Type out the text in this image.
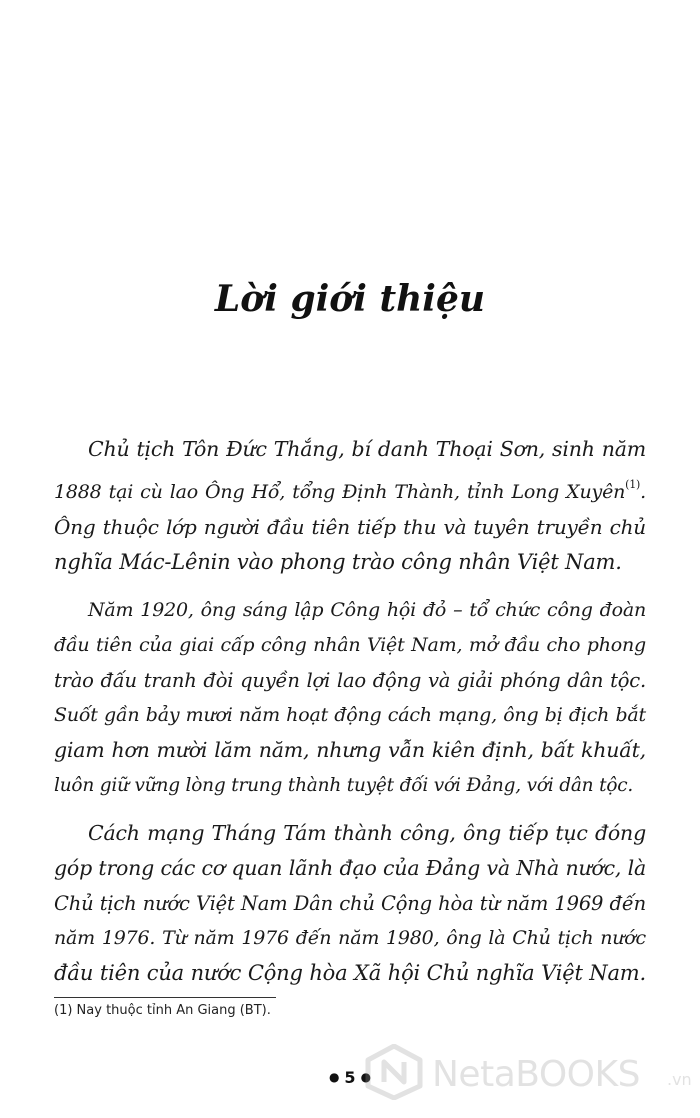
Lời giới thiệu
Chủ tịch Tôn Đức Thắng, bí danh Thoại Sơn, sinh năm
1888 tại cù lao Ông Hổ, tổng Định Thành, tỉnh Long Xuyên$^{(1)}$.
Ông thuộc lớp người đầu tiên tiếp thu và tuyên truyền chủ
nghĩa Mác-Lênin vào phong trào công nhân Việt Nam.
Năm 1920, ông sáng lập Công hội đỏ – tổ chức công đoàn
đầu tiên của giai cấp công nhân Việt Nam, mở đầu cho phong
trào đấu tranh đòi quyền lợi lao động và giải phóng dân tộc.
Suốt gần bảy mươi năm hoạt động cách mạng, ông bị địch bắt
giam hơn mười lăm năm, nhưng vẫn kiên định, bất khuất,
luôn giữ vững lòng trung thành tuyệt đối với Đảng, với dân tộc.
Cách mạng Tháng Tám thành công, ông tiếp tục đóng
góp trong các cơ quan lãnh đạo của Đảng và Nhà nước, là
Chủ tịch nước Việt Nam Dân chủ Cộng hòa từ năm 1969 đến
năm 1976. Từ năm 1976 đến năm 1980, ông là Chủ tịch nước
đầu tiên của nước Cộng hòa Xã hội Chủ nghĩa Việt Nam.
(1) Nay thuộc tỉnh An Giang (BT).
● 5 ●	NetaBOOKS .vn
